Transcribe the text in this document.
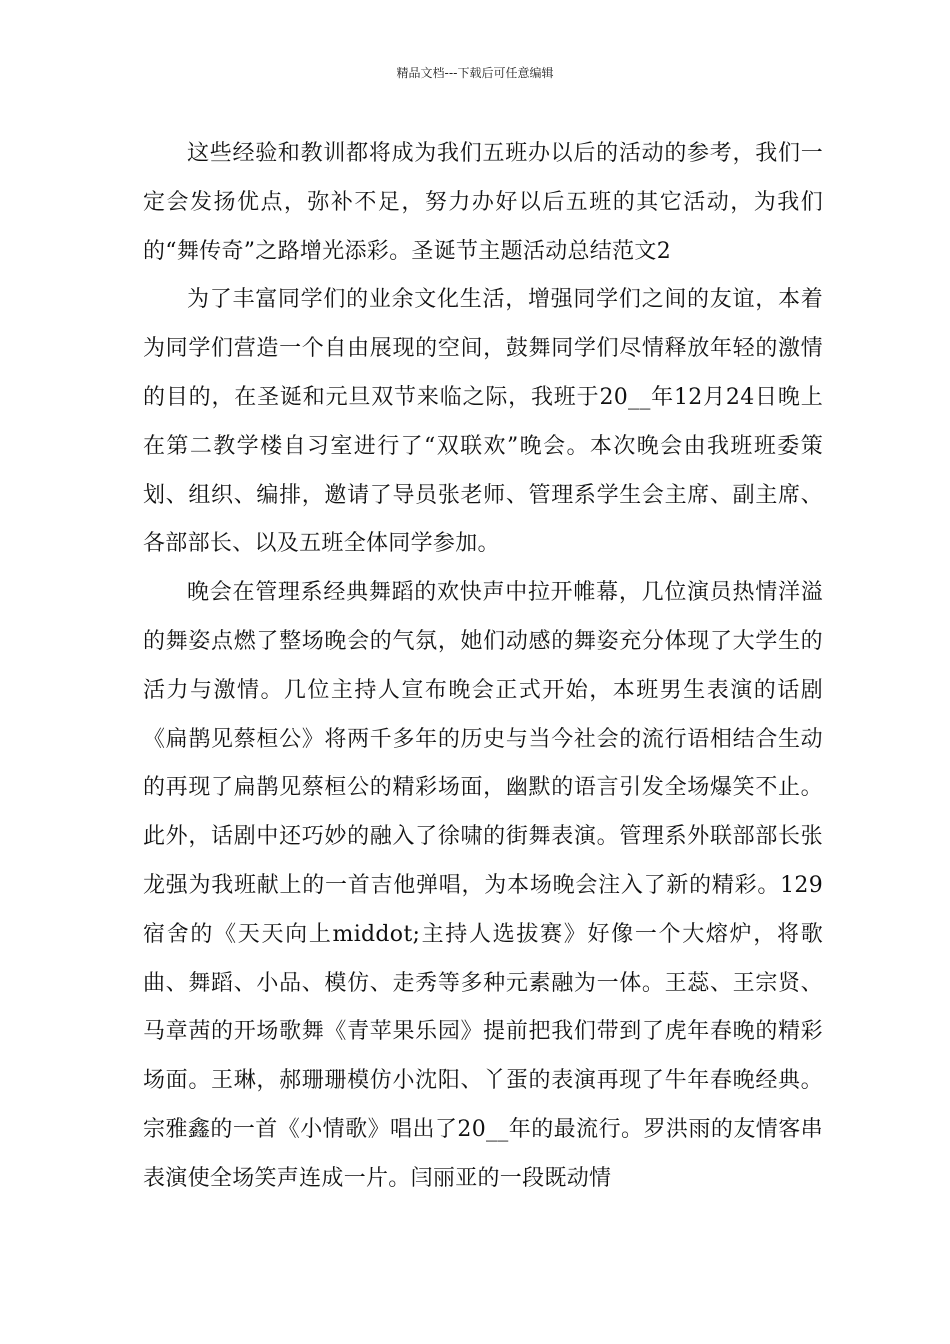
精品文档---下载后可任意编辑

这些经验和教训都将成为我们五班办以后的活动的参考，我们一定会发扬优点，弥补不足，努力办好以后五班的其它活动，为我们的“舞传奇”之路增光添彩。圣诞节主题活动总结范文2

为了丰富同学们的业余文化生活，增强同学们之间的友谊，本着为同学们营造一个自由展现的空间，鼓舞同学们尽情释放年轻的激情的目的，在圣诞和元旦双节来临之际，我班于20__年12月24日晚上在第二教学楼自习室进行了“双联欢”晚会。本次晚会由我班班委策划、组织、编排，邀请了导员张老师、管理系学生会主席、副主席、各部部长、以及五班全体同学参加。

晚会在管理系经典舞蹈的欢快声中拉开帷幕，几位演员热情洋溢的舞姿点燃了整场晚会的气氛，她们动感的舞姿充分体现了大学生的活力与激情。几位主持人宣布晚会正式开始，本班男生表演的话剧《扁鹊见蔡桓公》将两千多年的历史与当今社会的流行语相结合生动的再现了扁鹊见蔡桓公的精彩场面，幽默的语言引发全场爆笑不止。此外，话剧中还巧妙的融入了徐啸的街舞表演。管理系外联部部长张龙强为我班献上的一首吉他弹唱，为本场晚会注入了新的精彩。129宿舍的《天天向上middot;主持人选拔赛》好像一个大熔炉，将歌曲、舞蹈、小品、模仿、走秀等多种元素融为一体。王蕊、王宗贤、马章茜的开场歌舞《青苹果乐园》提前把我们带到了虎年春晚的精彩场面。王琳，郝珊珊模仿小沈阳、丫蛋的表演再现了牛年春晚经典。宗雅鑫的一首《小情歌》唱出了20__年的最流行。罗洪雨的友情客串表演使全场笑声连成一片。闫丽亚的一段既动情
